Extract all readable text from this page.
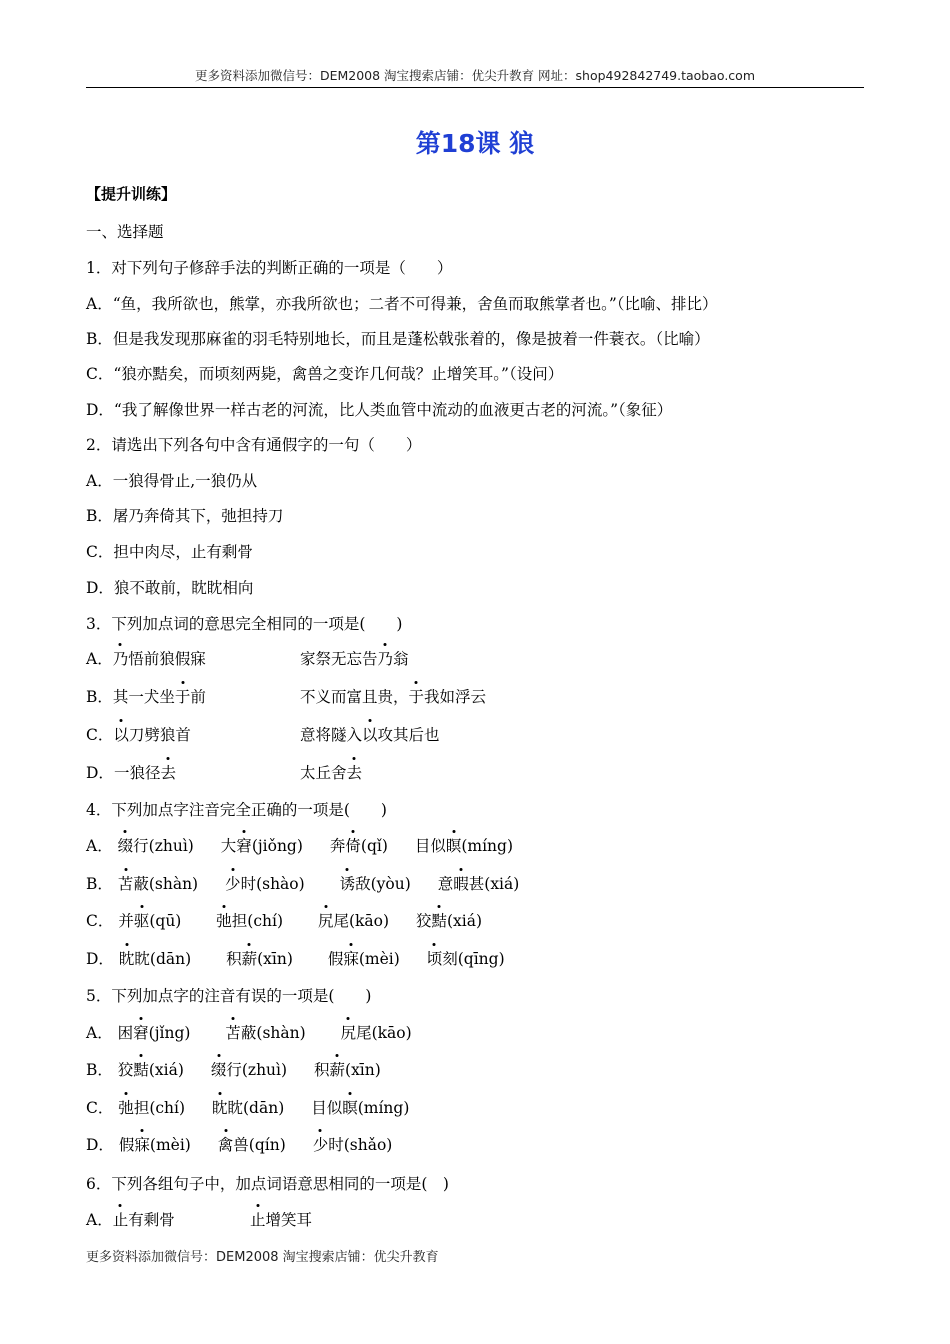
更多资料添加微信号：DEM2008 淘宝搜索店铺：优尖升教育 网址：shop492842749.taobao.com
第18课 狼
【提升训练】
一、选择题
1．对下列句子修辞手法的判断正确的一项是（　　）
A．“鱼，我所欲也，熊掌，亦我所欲也；二者不可得兼，舍鱼而取熊掌者也。”（比喻、排比）
B．但是我发现那麻雀的羽毛特别地长，而且是蓬松戟张着的，像是披着一件蓑衣。（比喻）
C．“狼亦黠矣，而顷刻两毙，禽兽之变诈几何哉？止增笑耳。”（设问）
D．“我了解像世界一样古老的河流，比人类血管中流动的血液更古老的河流。”（象征）
2．请选出下列各句中含有通假字的一句（　　）
A．一狼得骨止,一狼仍从
B．屠乃奔倚其下，弛担持刀
C．担中肉尽，止有剩骨
D．狼不敢前，眈眈相向
3．下列加点词的意思完全相同的一项是(　　)
A．乃悟前狼假寐	家祭无忘告乃翁
B．其一犬坐于前	不义而富且贵，于我如浮云
C．以刀劈狼首	意将隧入以攻其后也
D．一狼径去	太丘舍去
4．下列加点字注音完全正确的一项是(　　)
A． 缀行(zhuì) 大窘(jiǒng) 奔倚(qǐ) 目似瞑(míng)
B． 苫蔽(shàn) 少时(shào) 诱敌(yòu) 意暇甚(xiá)
C． 并驱(qū) 弛担(chí) 尻尾(kāo) 狡黠(xiá)
D． 眈眈(dān) 积薪(xīn) 假寐(mèi) 顷刻(qīng)
5．下列加点字的注音有误的一项是(　　)
A． 困窘(jǐng) 苫蔽(shàn) 尻尾(kāo)
B． 狡黠(xiá) 缀行(zhuì) 积薪(xīn)
C． 弛担(chí) 眈眈(dān) 目似瞑(míng)
D． 假寐(mèi) 禽兽(qín) 少时(shǎo)
6．下列各组句子中，加点词语意思相同的一项是(　)
A．止有剩骨	止增笑耳
更多资料添加微信号：DEM2008 淘宝搜索店铺：优尖升教育
